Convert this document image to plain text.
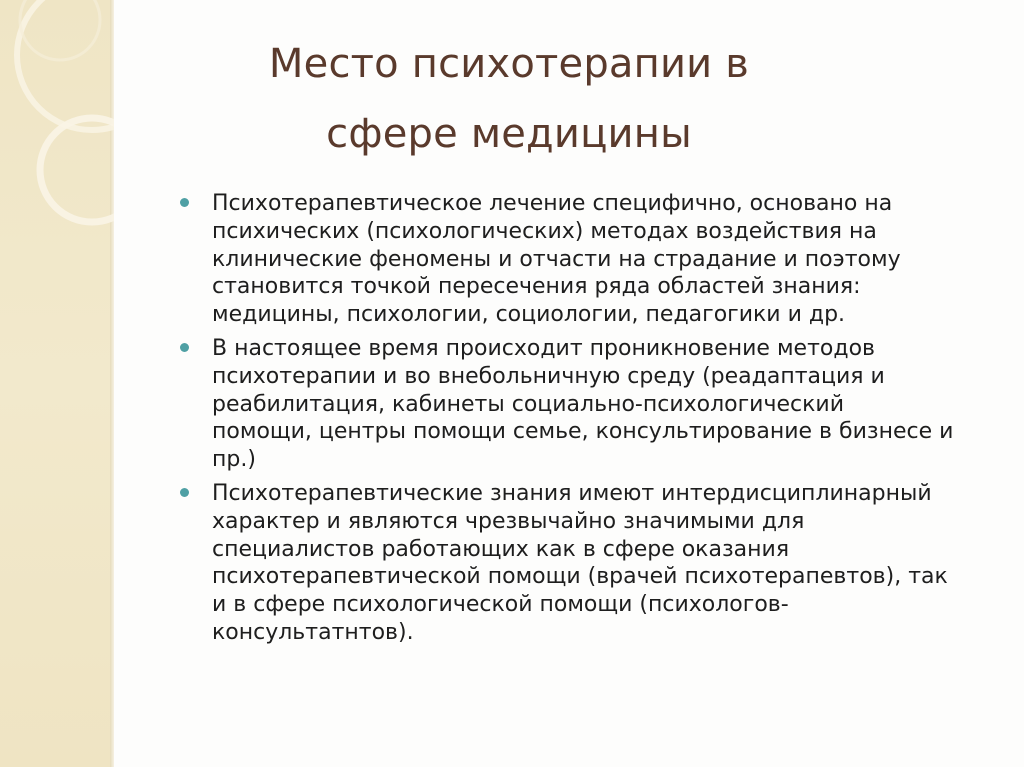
Место психотерапии в
сфере медицины
Психотерапевтическое лечение специфично, основано на
психических (психологических) методах воздействия на
клинические феномены и отчасти на страдание и поэтому
становится точкой пересечения ряда областей знания:
медицины, психологии, социологии, педагогики и др.
В настоящее время происходит проникновение методов
психотерапии и во внебольничную среду (реадаптация и
реабилитация, кабинеты социально-психологический
помощи, центры помощи семье, консультирование в бизнесе и
пр.)
Психотерапевтические знания имеют интердисциплинарный
характер и являются чрезвычайно значимыми для
специалистов работающих как в сфере оказания
психотерапевтической помощи (врачей психотерапевтов), так
и в сфере психологической помощи (психологов-
консультатнтов).
